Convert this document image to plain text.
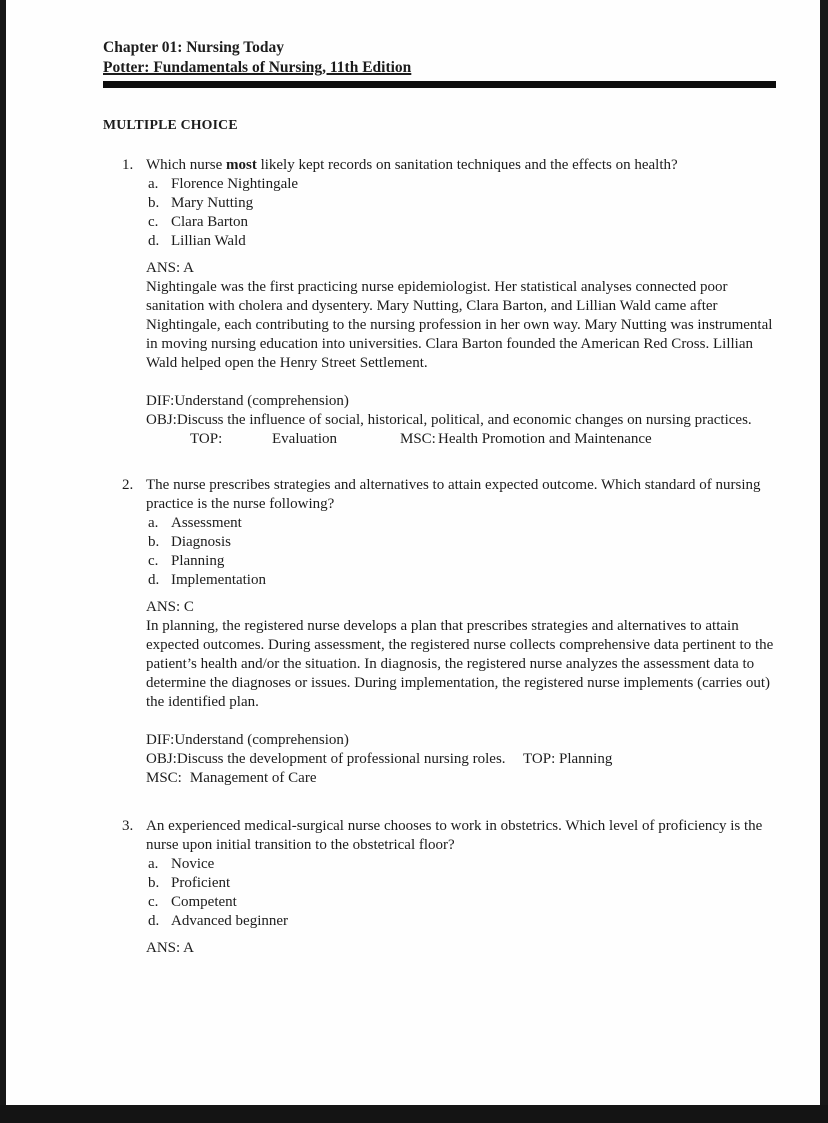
Chapter 01: Nursing Today
Potter: Fundamentals of Nursing, 11th Edition
MULTIPLE CHOICE
1. Which nurse most likely kept records on sanitation techniques and the effects on health?
a. Florence Nightingale
b. Mary Nutting
c. Clara Barton
d. Lillian Wald
ANS: A
Nightingale was the first practicing nurse epidemiologist. Her statistical analyses connected poor sanitation with cholera and dysentery. Mary Nutting, Clara Barton, and Lillian Wald came after Nightingale, each contributing to the nursing profession in her own way. Mary Nutting was instrumental in moving nursing education into universities. Clara Barton founded the American Red Cross. Lillian Wald helped open the Henry Street Settlement.
DIF:Understand (comprehension)
OBJ:Discuss the influence of social, historical, political, and economic changes on nursing practices.
TOP:	Evaluation	MSC: Health Promotion and Maintenance
2. The nurse prescribes strategies and alternatives to attain expected outcome. Which standard of nursing practice is the nurse following?
a. Assessment
b. Diagnosis
c. Planning
d. Implementation
ANS: C
In planning, the registered nurse develops a plan that prescribes strategies and alternatives to attain expected outcomes. During assessment, the registered nurse collects comprehensive data pertinent to the patient’s health and/or the situation. In diagnosis, the registered nurse analyzes the assessment data to determine the diagnoses or issues. During implementation, the registered nurse implements (carries out) the identified plan.
DIF:Understand (comprehension)
OBJ:Discuss the development of professional nursing roles. TOP: Planning
MSC: Management of Care
3. An experienced medical-surgical nurse chooses to work in obstetrics. Which level of proficiency is the nurse upon initial transition to the obstetrical floor?
a. Novice
b. Proficient
c. Competent
d. Advanced beginner
ANS: A
